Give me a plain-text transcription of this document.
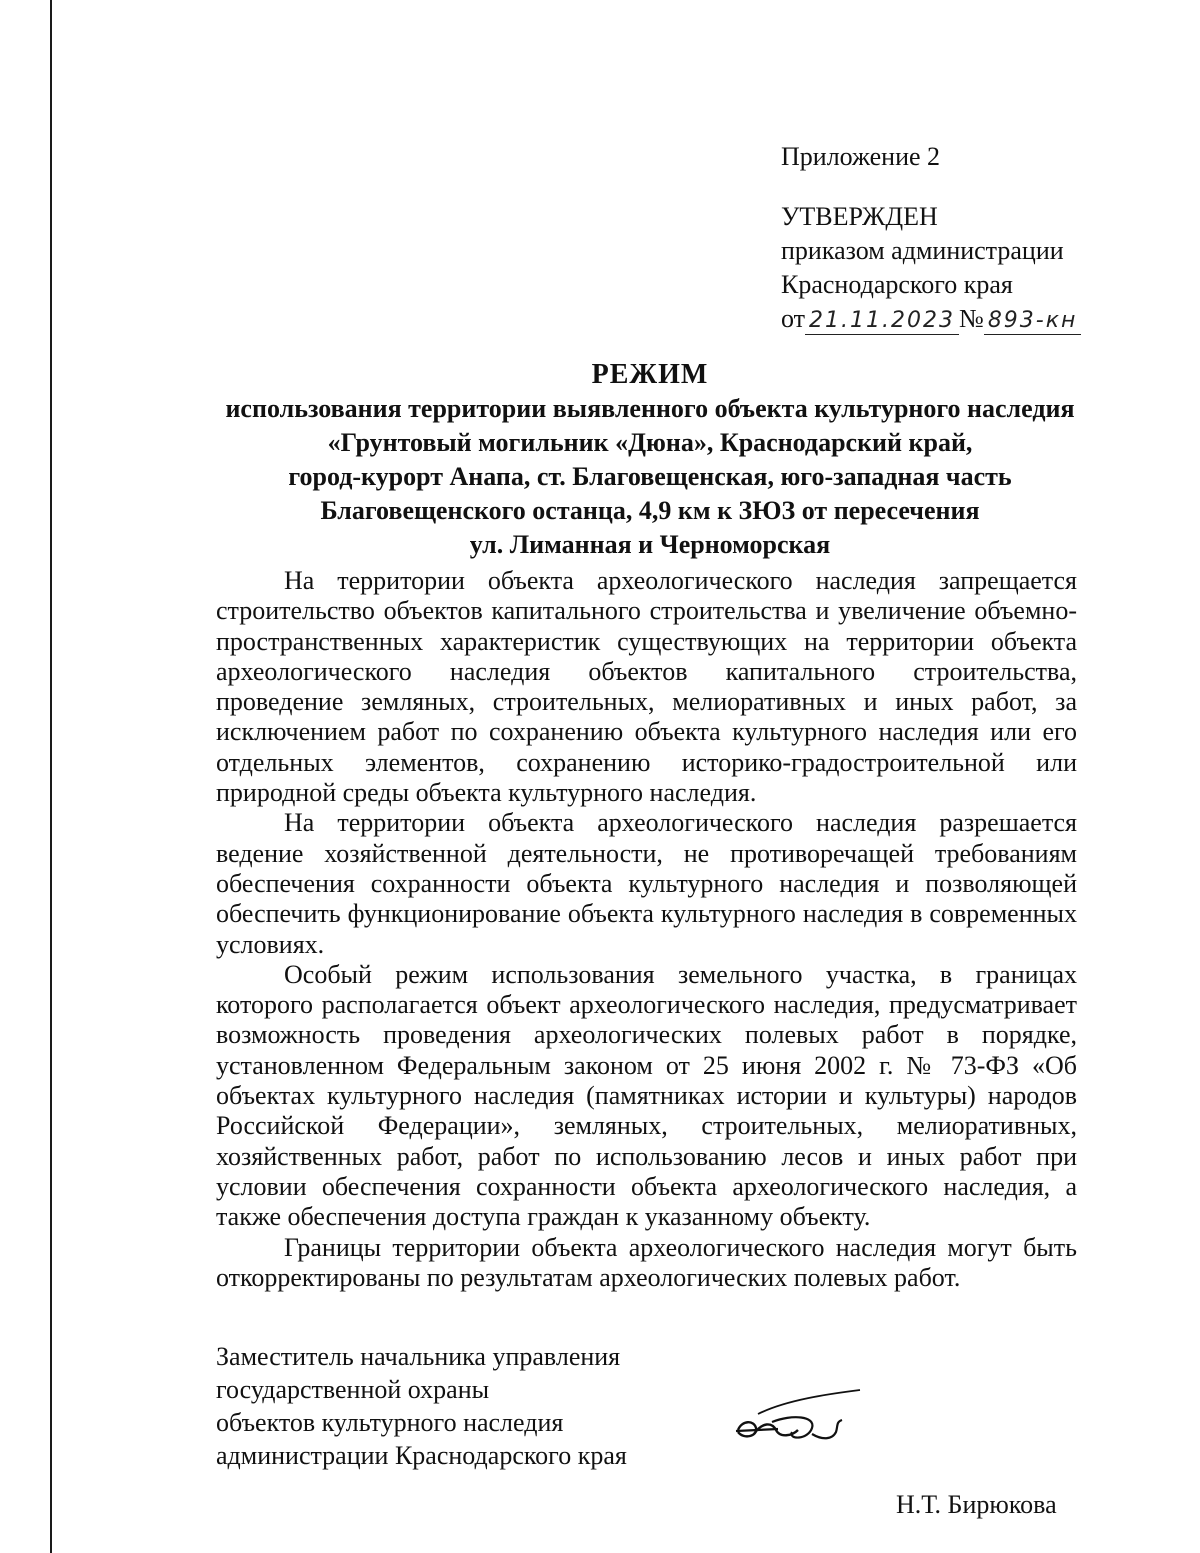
Приложение 2
УТВЕРЖДЕН
приказом администрации
Краснодарского края
от 21.11.2023 № 893-кн
РЕЖИМ
использования территории выявленного объекта культурного наследия
«Грунтовый могильник «Дюна», Краснодарский край,
город-курорт Анапа, ст. Благовещенская, юго-западная часть
Благовещенского останца, 4,9 км к ЗЮЗ от пересечения
ул. Лиманная и Черноморская

На территории объекта археологического наследия запрещается строительство объектов капитального строительства и увеличение объемно-пространственных характеристик существующих на территории объекта археологического наследия объектов капитального строительства, проведение земляных, строительных, мелиоративных и иных работ, за исключением работ по сохранению объекта культурного наследия или его отдельных элементов, сохранению историко-градостроительной или природной среды объекта культурного наследия.

На территории объекта археологического наследия разрешается ведение хозяйственной деятельности, не противоречащей требованиям обеспечения сохранности объекта культурного наследия и позволяющей обеспечить функционирование объекта культурного наследия в современных условиях.

Особый режим использования земельного участка, в границах которого располагается объект археологического наследия, предусматривает возможность проведения археологических полевых работ в порядке, установленном Федеральным законом от 25 июня 2002 г. № 73-ФЗ «Об объектах культурного наследия (памятниках истории и культуры) народов Российской Федерации», земляных, строительных, мелиоративных, хозяйственных работ, работ по использованию лесов и иных работ при условии обеспечения сохранности объекта археологического наследия, а также обеспечения доступа граждан к указанному объекту.

Границы территории объекта археологического наследия могут быть откорректированы по результатам археологических полевых работ.

Заместитель начальника управления
государственной охраны
объектов культурного наследия
администрации Краснодарского края
Н.Т. Бирюкова
